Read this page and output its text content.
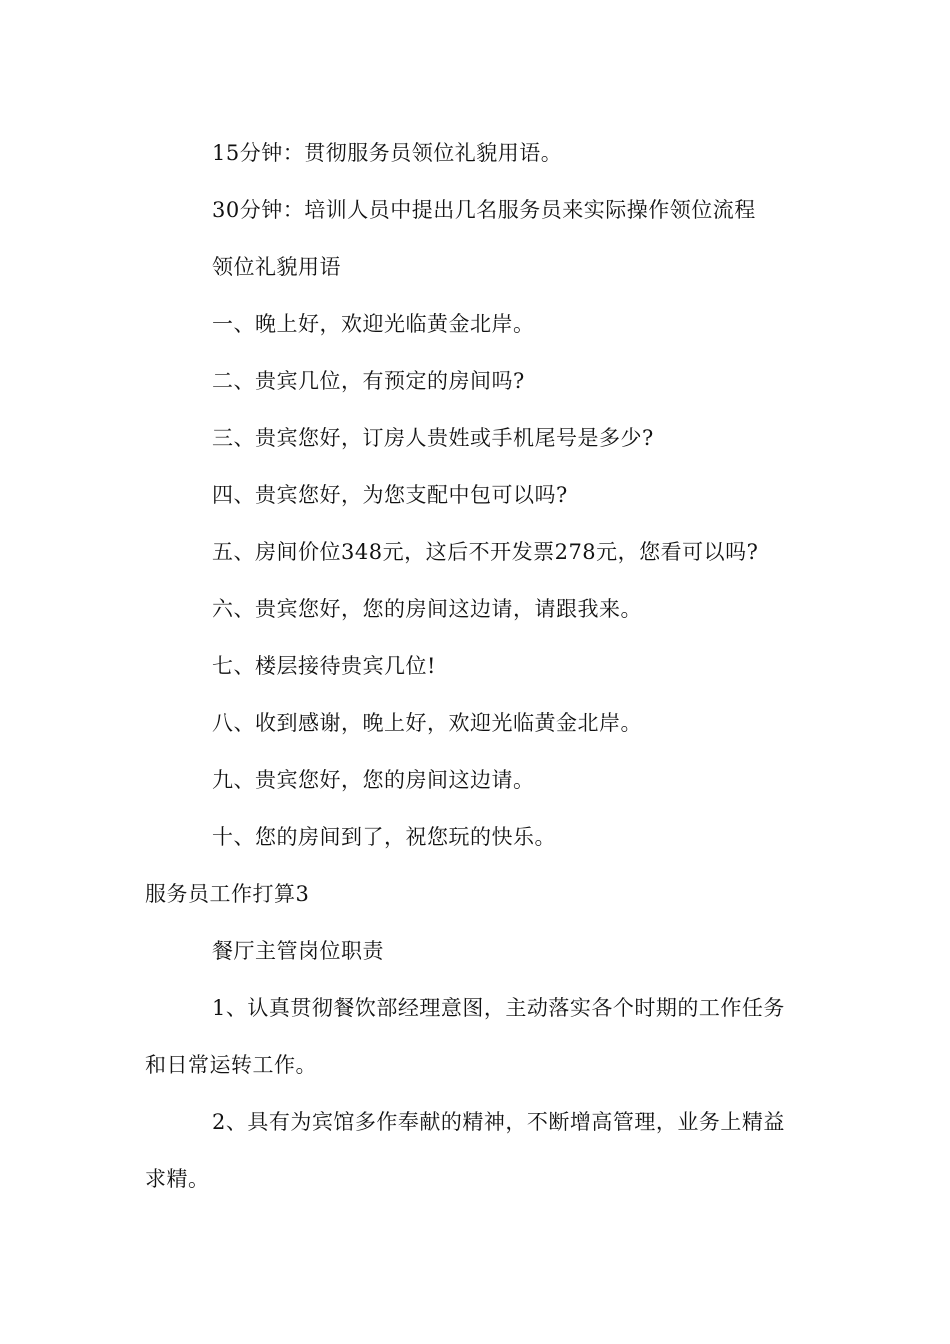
15分钟：贯彻服务员领位礼貌用语。
30分钟：培训人员中提出几名服务员来实际操作领位流程
领位礼貌用语
一、晚上好，欢迎光临黄金北岸。
二、贵宾几位，有预定的房间吗?
三、贵宾您好，订房人贵姓或手机尾号是多少?
四、贵宾您好，为您支配中包可以吗?
五、房间价位348元，这后不开发票278元，您看可以吗?
六、贵宾您好，您的房间这边请，请跟我来。
七、楼层接待贵宾几位!
八、收到感谢，晚上好，欢迎光临黄金北岸。
九、贵宾您好，您的房间这边请。
十、您的房间到了，祝您玩的快乐。
服务员工作打算3
餐厅主管岗位职责
1、认真贯彻餐饮部经理意图，主动落实各个时期的工作任务
和日常运转工作。
2、具有为宾馆多作奉献的精神，不断增高管理，业务上精益
求精。
